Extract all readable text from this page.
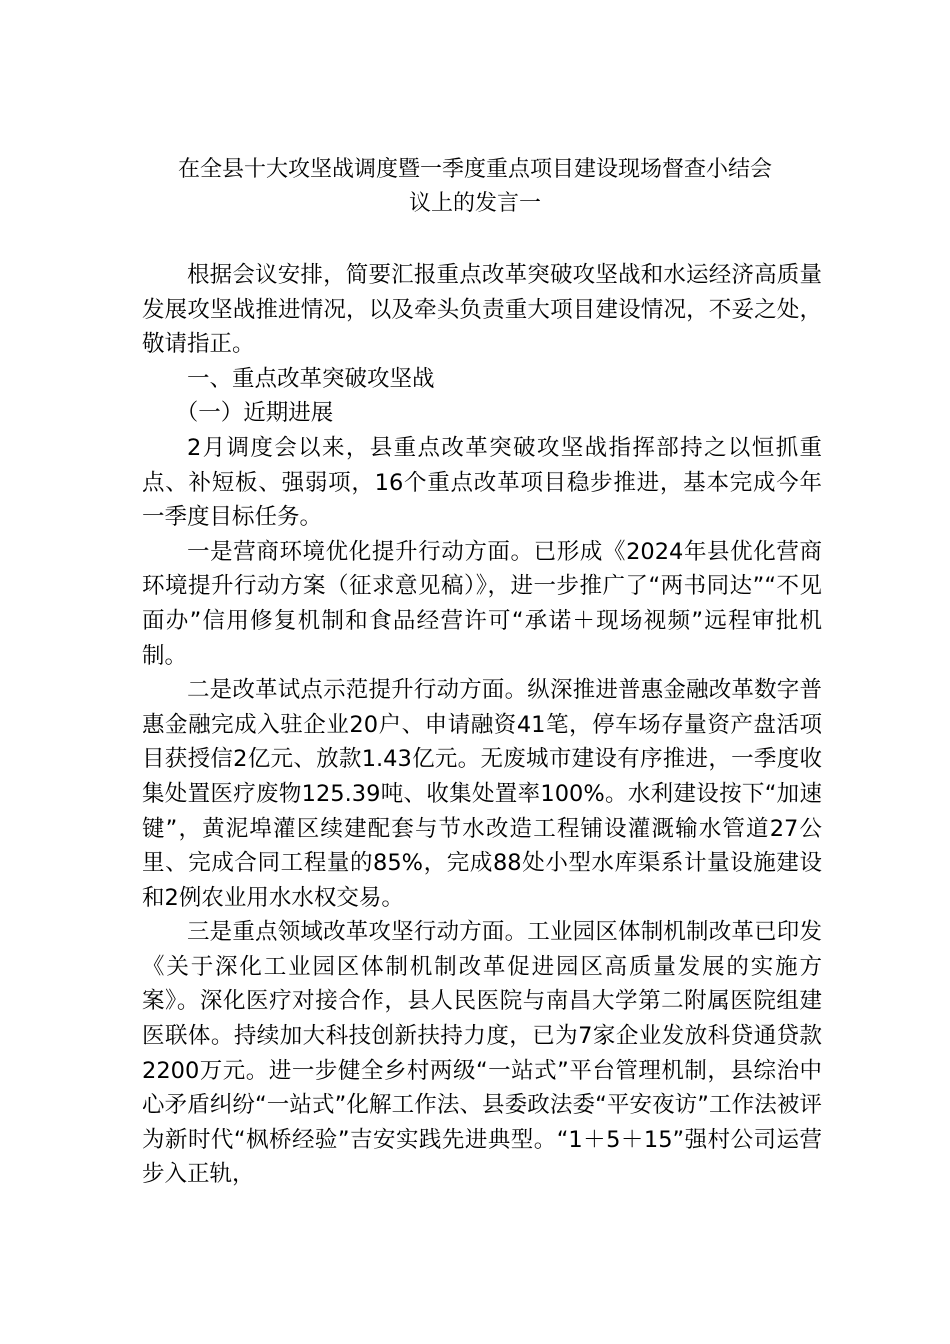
在全县十大攻坚战调度暨一季度重点项目建设现场督查小结会
议上的发言一

根据会议安排，简要汇报重点改革突破攻坚战和水运经济高质量发展攻坚战推进情况，以及牵头负责重大项目建设情况，不妥之处，敬请指正。

一、重点改革突破攻坚战

（一）近期进展

2月调度会以来，县重点改革突破攻坚战指挥部持之以恒抓重点、补短板、强弱项，16个重点改革项目稳步推进，基本完成今年一季度目标任务。

一是营商环境优化提升行动方面。已形成《2024年县优化营商环境提升行动方案（征求意见稿）》，进一步推广了“两书同达”“不见面办”信用修复机制和食品经营许可“承诺＋现场视频”远程审批机制。

二是改革试点示范提升行动方面。纵深推进普惠金融改革数字普惠金融完成入驻企业20户、申请融资41笔，停车场存量资产盘活项目获授信2亿元、放款1.43亿元。无废城市建设有序推进，一季度收集处置医疗废物125.39吨、收集处置率100%。水利建设按下“加速键”，黄泥埠灌区续建配套与节水改造工程铺设灌溉输水管道27公里、完成合同工程量的85%，完成88处小型水库渠系计量设施建设和2例农业用水水权交易。

三是重点领域改革攻坚行动方面。工业园区体制机制改革已印发《关于深化工业园区体制机制改革促进园区高质量发展的实施方案》。深化医疗对接合作，县人民医院与南昌大学第二附属医院组建医联体。持续加大科技创新扶持力度，已为7家企业发放科贷通贷款2200万元。进一步健全乡村两级“一站式”平台管理机制，县综治中心矛盾纠纷“一站式”化解工作法、县委政法委“平安夜访”工作法被评为新时代“枫桥经验”吉安实践先进典型。“1＋5＋15”强村公司运营步入正轨，
